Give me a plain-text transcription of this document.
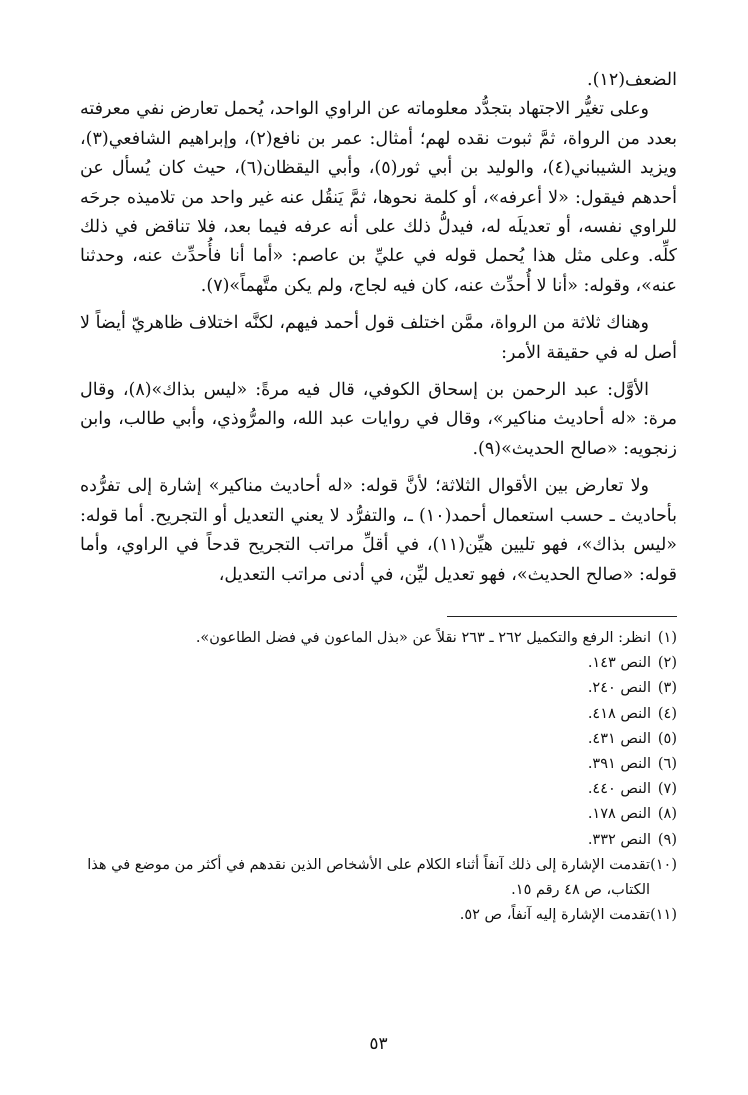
الضعف(١٢).

وعلى تغيُّر الاجتهاد بتجدُّد معلوماته عن الراوي الواحد، يُحمل تعارض نفي معرفته بعدد من الرواة، ثمَّ ثبوت نقده لهم؛ أمثال: عمر بن نافع(٢)، وإبراهيم الشافعي(٣)، ويزيد الشيباني(٤)، والوليد بن أبي ثور(٥)، وأبي اليقظان(٦)، حيث كان يُسأل عن أحدهم فيقول: «لا أعرفه»، أو كلمة نحوها، ثمَّ يَنقُل عنه غير واحد من تلاميذه جرحَه للراوي نفسه، أو تعديلَه له، فيدلُّ ذلك على أنه عرفه فيما بعد، فلا تناقض في ذلك كلِّه. وعلى مثل هذا يُحمل قوله في عليِّ بن عاصم: «أما أنا فأُحدِّث عنه، وحدثنا عنه»، وقوله: «أنا لا أُحدِّث عنه، كان فيه لجاج، ولم يكن متَّهماً»(٧).

وهناك ثلاثة من الرواة، ممَّن اختلف قول أحمد فيهم، لكنَّه اختلاف ظاهريّ أيضاً لا أصل له في حقيقة الأمر:

الأوَّل: عبد الرحمن بن إسحاق الكوفي، قال فيه مرةً: «ليس بذاك»(٨)، وقال مرة: «له أحاديث مناكير»، وقال في روايات عبد الله، والمرُّوذي، وأبي طالب، وابن زنجويه: «صالح الحديث»(٩).

ولا تعارض بين الأقوال الثلاثة؛ لأنَّ قوله: «له أحاديث مناكير» إشارة إلى تفرُّده بأحاديث ـ حسب استعمال أحمد(١٠) ـ، والتفرُّد لا يعني التعديل أو التجريح. أما قوله: «ليس بذاك»، فهو تليين هيِّن(١١)، في أقلِّ مراتب التجريح قدحاً في الراوي، وأما قوله: «صالح الحديث»، فهو تعديل ليِّن، في أدنى مراتب التعديل،

(١)
انظر: الرفع والتكميل ٢٦٢ ـ ٢٦٣ نقلاً عن «بذل الماعون في فضل الطاعون».
(٢)
النص ١٤٣.
(٣)
النص ٢٤٠.
(٤)
النص ٤١٨.
(٥)
النص ٤٣١.
(٦)
النص ٣٩١.
(٧)
النص ٤٤٠.
(٨)
النص ١٧٨.
(٩)
النص ٣٣٢.
(١٠)
تقدمت الإشارة إلى ذلك آنفاً أثناء الكلام على الأشخاص الذين نقدهم في أكثر من موضع في هذا الكتاب، ص ٤٨ رقم ١٥.
(١١)
تقدمت الإشارة إليه آنفاً، ص ٥٢.
٥٣
